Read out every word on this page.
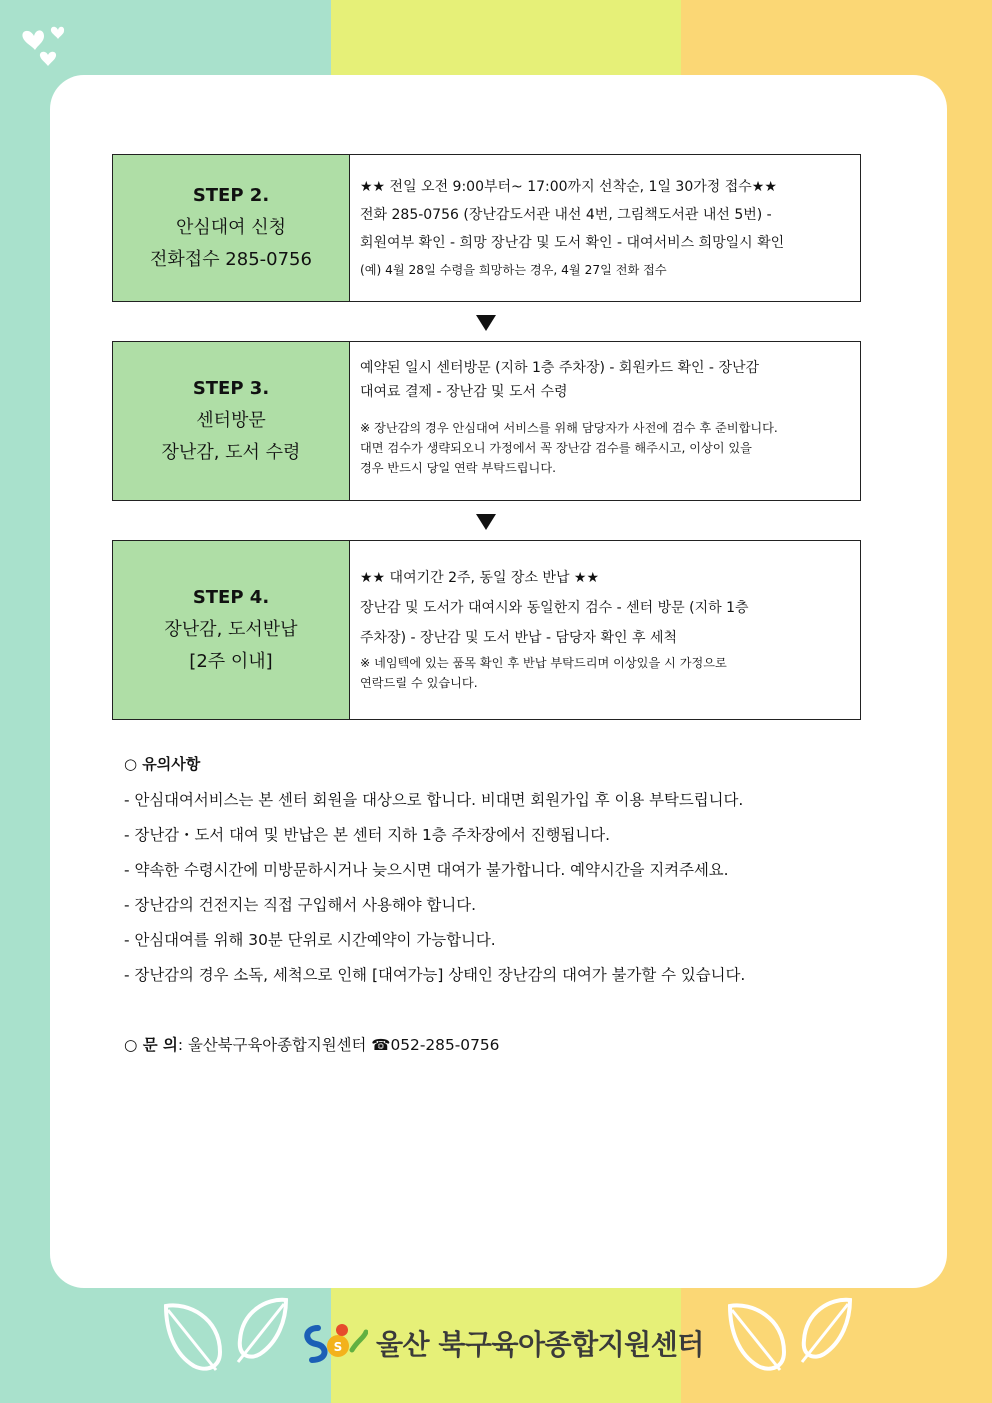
STEP 2.
안심대여 신청
전화접수 285-0756
★★ 전일 오전 9:00부터~ 17:00까지 선착순, 1일 30가정 접수★★
전화 285-0756 (장난감도서관 내선 4번, 그림책도서관 내선 5번) -
회원여부 확인 - 희망 장난감 및 도서 확인 - 대여서비스 희망일시 확인
(예) 4월 28일 수령을 희망하는 경우, 4월 27일 전화 접수
STEP 3.
센터방문
장난감, 도서 수령
예약된 일시 센터방문 (지하 1층 주차장) - 회원카드 확인 - 장난감
대여료 결제 - 장난감 및 도서 수령
※ 장난감의 경우 안심대여 서비스를 위해 담당자가 사전에 검수 후 준비합니다.
대면 검수가 생략되오니 가정에서 꼭 장난감 검수를 해주시고, 이상이 있을
경우 반드시 당일 연락 부탁드립니다.
STEP 4.
장난감, 도서반납
[2주 이내]
★★ 대여기간 2주, 동일 장소 반납 ★★
장난감 및 도서가 대여시와 동일한지 검수 - 센터 방문 (지하 1층
주차장) - 장난감 및 도서 반납 - 담당자 확인 후 세척
※ 네임텍에 있는 품목 확인 후 반납 부탁드리며 이상있을 시 가정으로
연락드릴 수 있습니다.
○ 유의사항
- 안심대여서비스는 본 센터 회원을 대상으로 합니다. 비대면 회원가입 후 이용 부탁드립니다.
- 장난감・도서 대여 및 반납은 본 센터 지하 1층 주차장에서 진행됩니다.
- 약속한 수령시간에 미방문하시거나 늦으시면 대여가 불가합니다. 예약시간을 지켜주세요.
- 장난감의 건전지는 직접 구입해서 사용해야 합니다.
- 안심대여를 위해 30분 단위로 시간예약이 가능합니다.
- 장난감의 경우 소독, 세척으로 인해 [대여가능] 상태인 장난감의 대여가 불가할 수 있습니다.
○ 문 의: 울산북구육아종합지원센터 ☎052-285-0756
S 울산 북구육아종합지원센터
